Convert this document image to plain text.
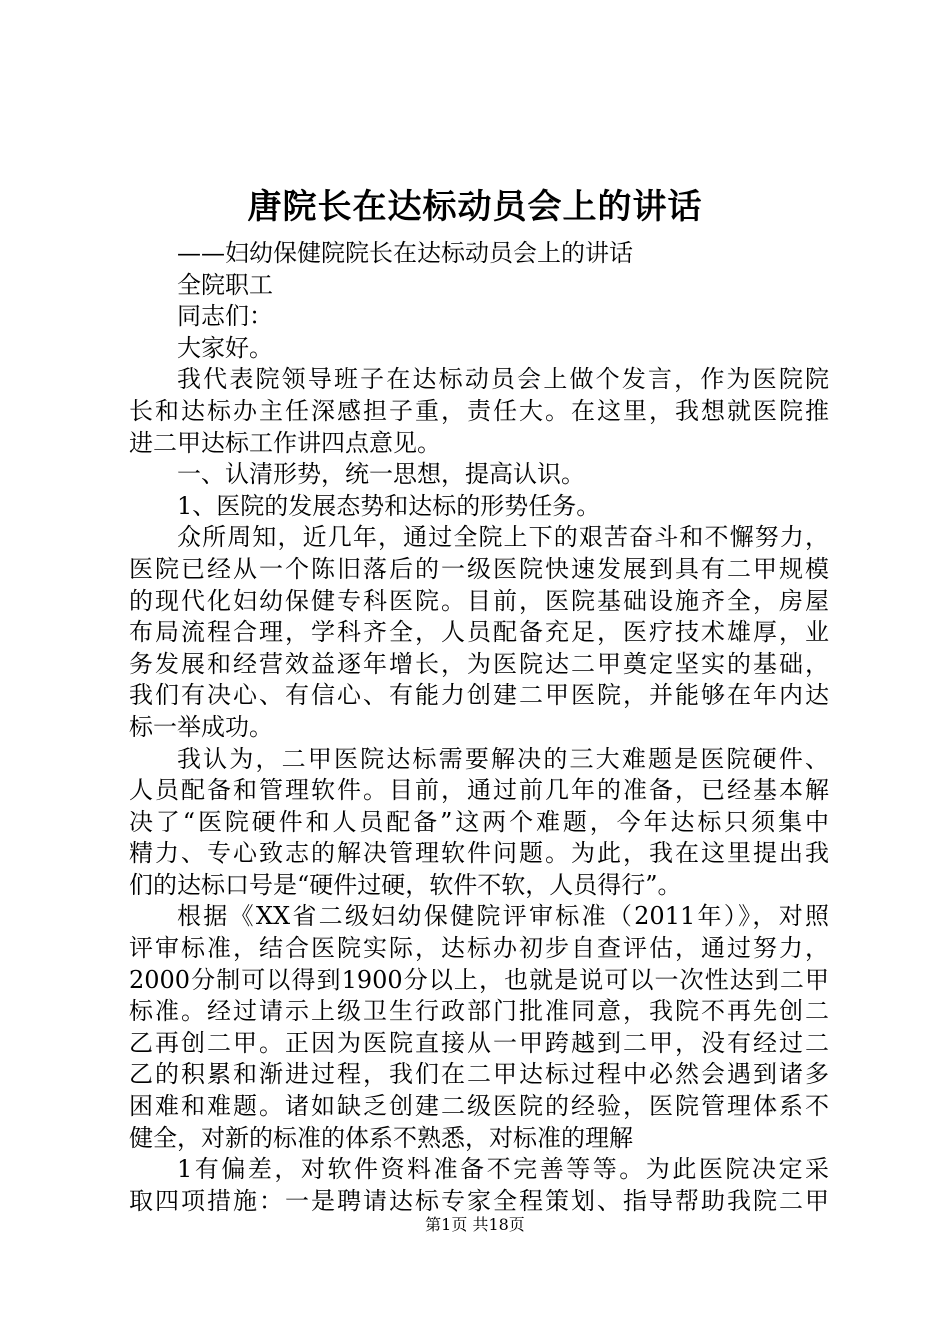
唐院长在达标动员会上的讲话
——妇幼保健院院长在达标动员会上的讲话
全院职工
同志们：
大家好。
我代表院领导班子在达标动员会上做个发言，作为医院院
长和达标办主任深感担子重，责任大。在这里，我想就医院推
进二甲达标工作讲四点意见。
一、认清形势，统一思想，提高认识。
1、医院的发展态势和达标的形势任务。
众所周知，近几年，通过全院上下的艰苦奋斗和不懈努力，
医院已经从一个陈旧落后的一级医院快速发展到具有二甲规模
的现代化妇幼保健专科医院。目前，医院基础设施齐全，房屋
布局流程合理，学科齐全，人员配备充足，医疗技术雄厚，业
务发展和经营效益逐年增长，为医院达二甲奠定坚实的基础，
我们有决心、有信心、有能力创建二甲医院，并能够在年内达
标一举成功。
我认为，二甲医院达标需要解决的三大难题是医院硬件、
人员配备和管理软件。目前，通过前几年的准备，已经基本解
决了“医院硬件和人员配备”这两个难题，今年达标只须集中
精力、专心致志的解决管理软件问题。为此，我在这里提出我
们的达标口号是“硬件过硬，软件不软，人员得行”。
根据《XX省二级妇幼保健院评审标准（2011年）》，对照
评审标准，结合医院实际，达标办初步自查评估，通过努力，
2000分制可以得到1900分以上，也就是说可以一次性达到二甲
标准。经过请示上级卫生行政部门批准同意，我院不再先创二
乙再创二甲。正因为医院直接从一甲跨越到二甲，没有经过二
乙的积累和渐进过程，我们在二甲达标过程中必然会遇到诸多
困难和难题。诸如缺乏创建二级医院的经验，医院管理体系不
健全，对新的标准的体系不熟悉，对标准的理解
1有偏差，对软件资料准备不完善等等。为此医院决定采
取四项措施：一是聘请达标专家全程策划、指导帮助我院二甲
第1页 共18页
